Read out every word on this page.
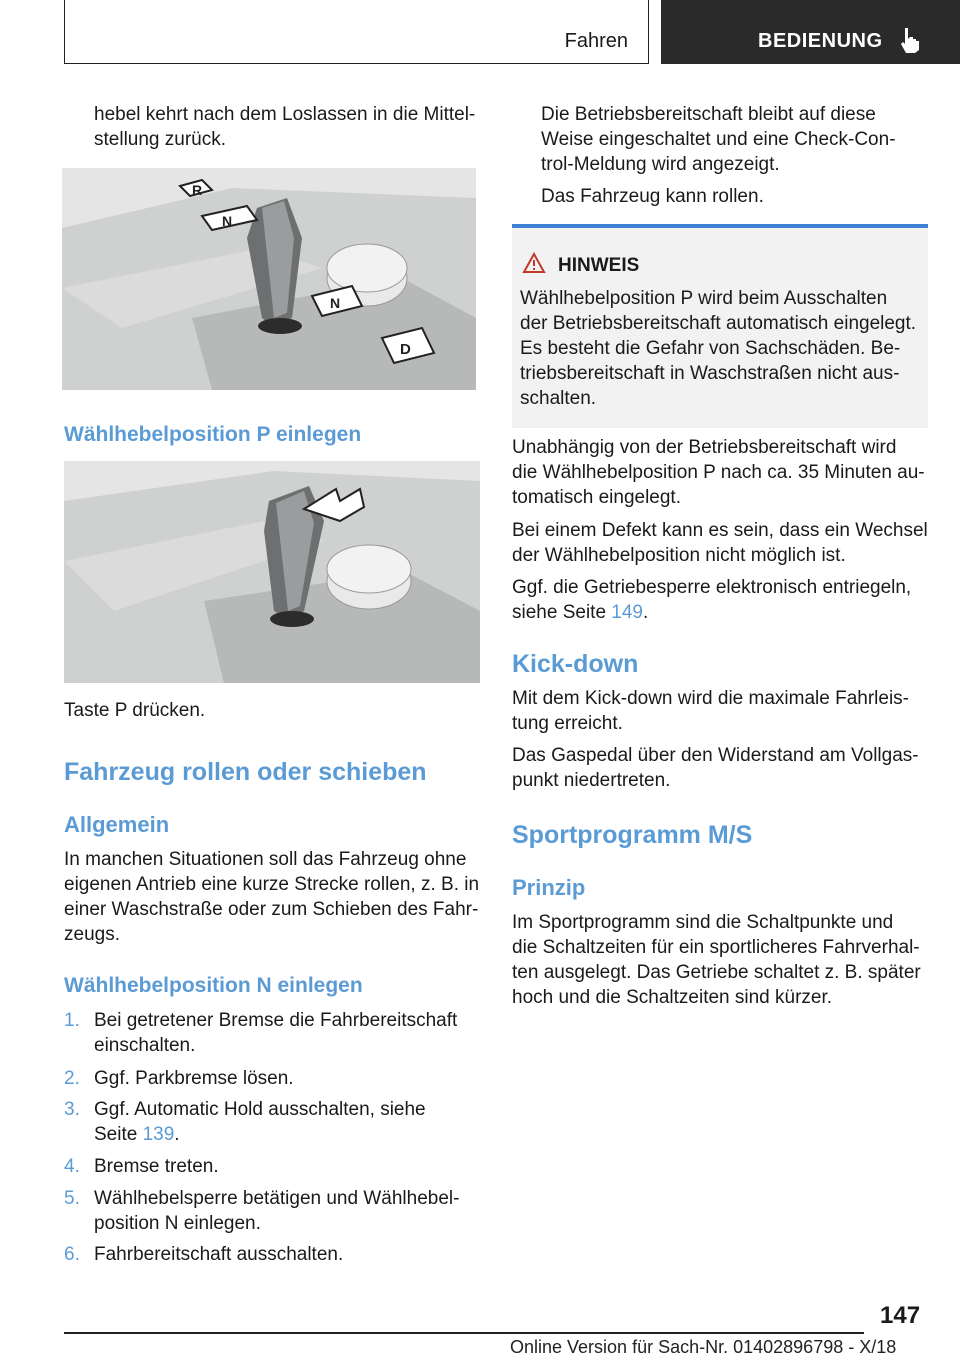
Fahren	BEDIENUNG

hebel kehrt nach dem Loslassen in die Mittel-

stellung zurück.

R
N
N
D
Wählhebelposition P einlegen

Taste P drücken.

Fahrzeug rollen oder schieben
Allgemein

In manchen Situationen soll das Fahrzeug ohne

eigenen Antrieb eine kurze Strecke rollen, z. B. in

einer Waschstraße oder zum Schieben des Fahr-

zeugs.

Wählhebelposition N einlegen
1. Bei getretener Bremse die Fahrbereitschaft
einschalten.
2. Ggf. Parkbremse lösen.
3. Ggf. Automatic Hold ausschalten, siehe
Seite 139.
4. Bremse treten.
5. Wählhebelsperre betätigen und Wählhebel-
position N einlegen.
6. Fahrbereitschaft ausschalten.

Die Betriebsbereitschaft bleibt auf diese

Weise eingeschaltet und eine Check-Con-

trol-Meldung wird angezeigt.

Das Fahrzeug kann rollen.

HINWEIS

Wählhebelposition P wird beim Ausschalten

der Betriebsbereitschaft automatisch eingelegt.

Es besteht die Gefahr von Sachschäden. Be-

triebsbereitschaft in Waschstraßen nicht aus-

schalten.

Unabhängig von der Betriebsbereitschaft wird

die Wählhebelposition P nach ca. 35 Minuten au-

tomatisch eingelegt.

Bei einem Defekt kann es sein, dass ein Wechsel

der Wählhebelposition nicht möglich ist.

Ggf. die Getriebesperre elektronisch entriegeln,

siehe Seite 149.

Kick-down

Mit dem Kick-down wird die maximale Fahrleis-

tung erreicht.

Das Gaspedal über den Widerstand am Vollgas-

punkt niedertreten.

Sportprogramm M/S
Prinzip

Im Sportprogramm sind die Schaltpunkte und

die Schaltzeiten für ein sportlicheres Fahrverhal-

ten ausgelegt. Das Getriebe schaltet z. B. später

hoch und die Schaltzeiten sind kürzer.

147
Online Version für Sach-Nr. 01402896798 - X/18
